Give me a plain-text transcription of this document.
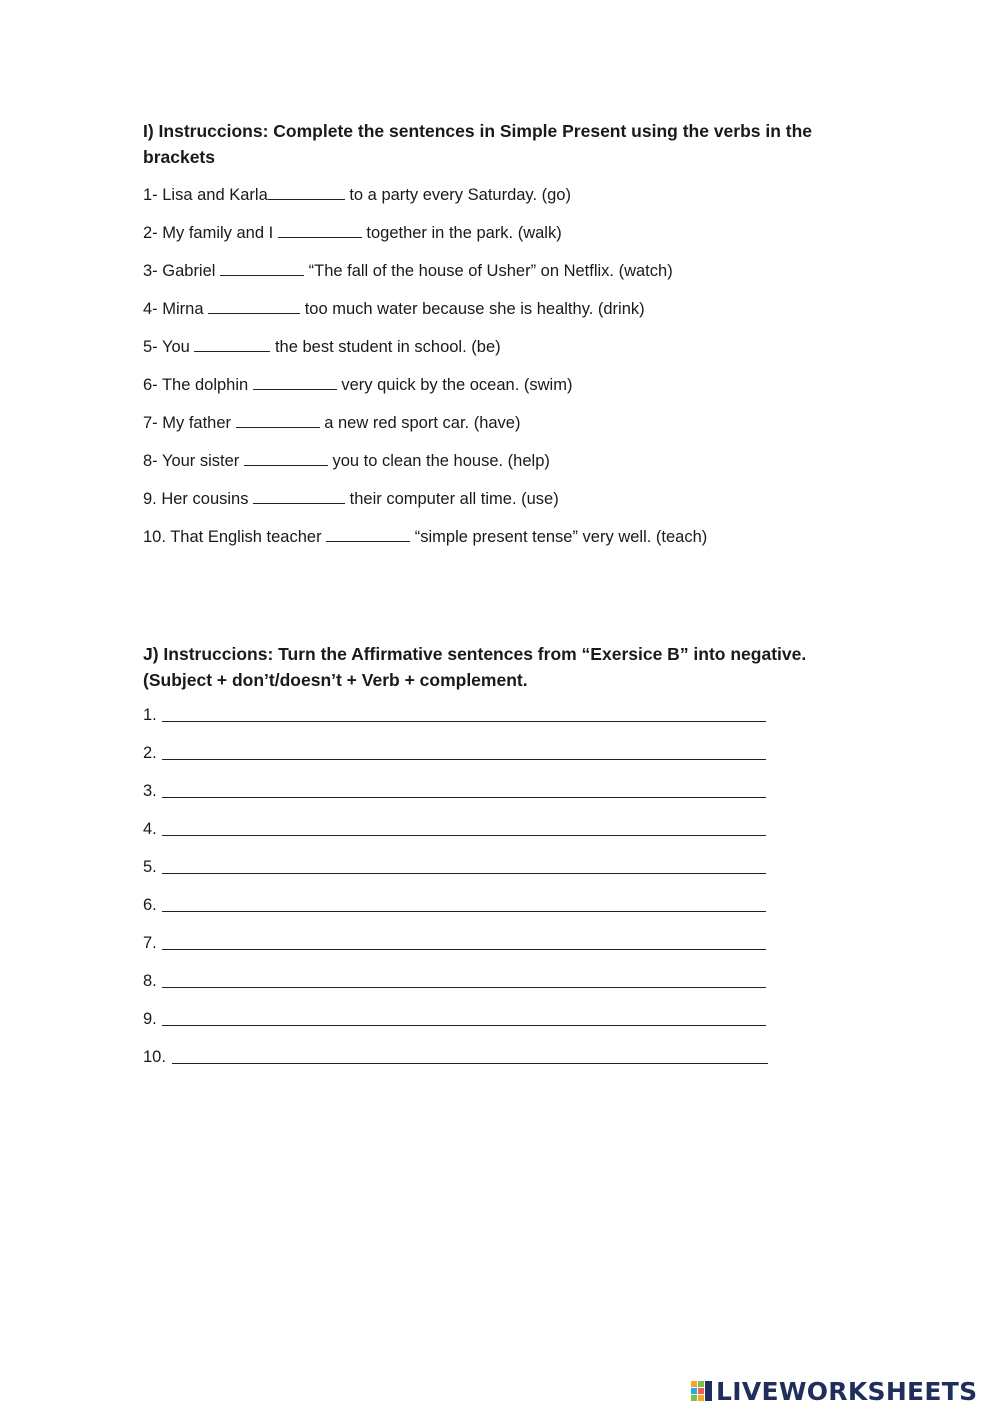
I) Instruccions: Complete the sentences in Simple Present using the verbs in the brackets

1- Lisa and Karla	to a party every Saturday. (go)
2- My family and I	together in the park. (walk)
3- Gabriel	“The fall of the house of Usher” on Netflix. (watch)
4- Mirna	too much water because she is healthy. (drink)
5- You	the best student in school. (be)
6- The dolphin	very quick by the ocean. (swim)
7- My father	a new red sport car. (have)
8- Your sister	you to clean the house. (help)
9. Her cousins	their computer all time. (use)
10. That English teacher	“simple present tense” very well. (teach)

J) Instruccions: Turn the Affirmative sentences from “Exersice B” into negative.

(Subject + don’t/doesn’t + Verb + complement.

1.
2.
3.
4.
5.
6.
7.
8.
9.
10.
LIVEWORKSHEETS
